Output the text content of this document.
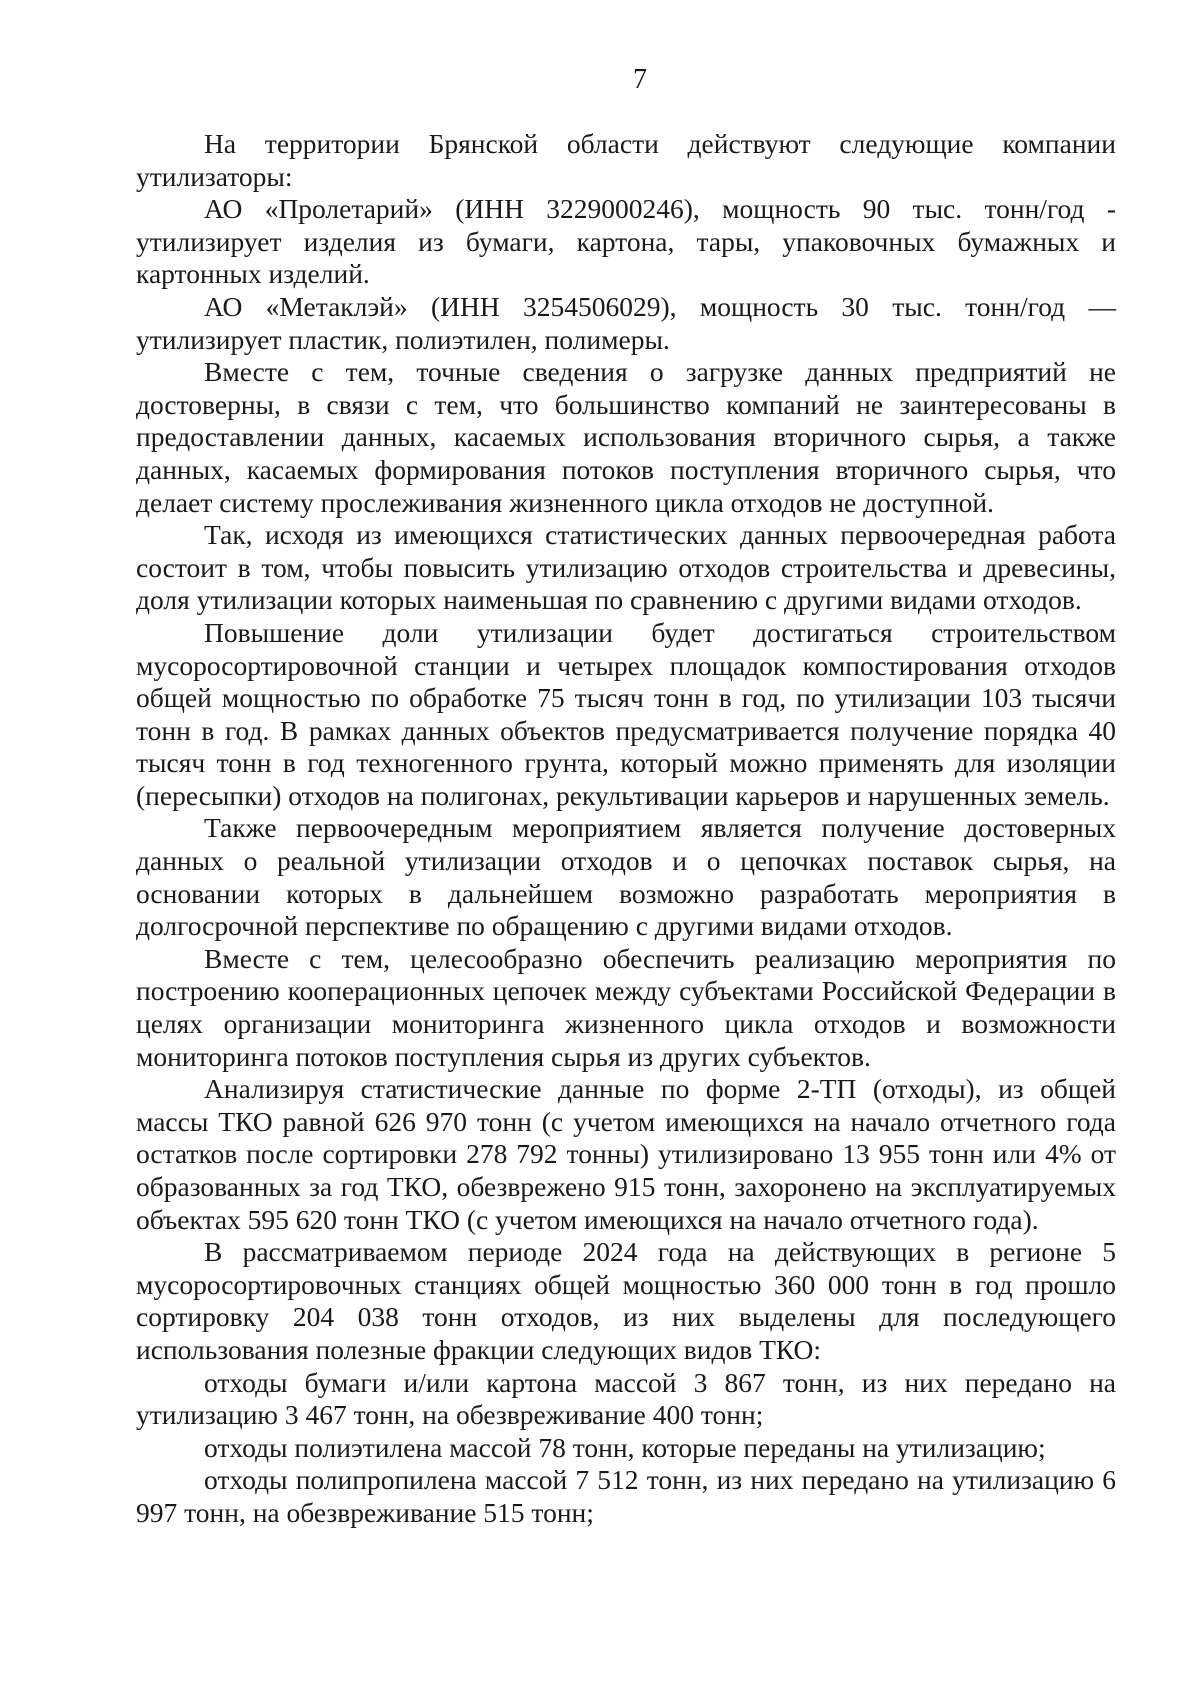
7

На территории Брянской области действуют следующие компании утилизаторы:

АО «Пролетарий» (ИНН 3229000246), мощность 90 тыс. тонн/год - утилизирует изделия из бумаги, картона, тары, упаковочных бумажных и картонных изделий.

АО «Метаклэй» (ИНН 3254506029), мощность 30 тыс. тонн/год — утилизирует пластик, полиэтилен, полимеры.

Вместе с тем, точные сведения о загрузке данных предприятий не достоверны, в связи с тем, что большинство компаний не заинтересованы в предоставлении данных, касаемых использования вторичного сырья, а также данных, касаемых формирования потоков поступления вторичного сырья, что делает систему прослеживания жизненного цикла отходов не доступной.

Так, исходя из имеющихся статистических данных первоочередная работа состоит в том, чтобы повысить утилизацию отходов строительства и древесины, доля утилизации которых наименьшая по сравнению с другими видами отходов.

Повышение доли утилизации будет достигаться строительством мусоросортировочной станции и четырех площадок компостирования отходов общей мощностью по обработке 75 тысяч тонн в год, по утилизации 103 тысячи тонн в год. В рамках данных объектов предусматривается получение порядка 40 тысяч тонн в год техногенного грунта, который можно применять для изоляции (пересыпки) отходов на полигонах, рекультивации карьеров и нарушенных земель.

Также первоочередным мероприятием является получение достоверных данных о реальной утилизации отходов и о цепочках поставок сырья, на основании которых в дальнейшем возможно разработать мероприятия в долгосрочной перспективе по обращению с другими видами отходов.

Вместе с тем, целесообразно обеспечить реализацию мероприятия по построению кооперационных цепочек между субъектами Российской Федерации в целях организации мониторинга жизненного цикла отходов и возможности мониторинга потоков поступления сырья из других субъектов.

Анализируя статистические данные по форме 2-ТП (отходы), из общей массы ТКО равной 626 970 тонн (с учетом имеющихся на начало отчетного года остатков после сортировки 278 792 тонны) утилизировано 13 955 тонн или 4% от образованных за год ТКО, обезврежено 915 тонн, захоронено на эксплуатируемых объектах 595 620 тонн ТКО (с учетом имеющихся на начало отчетного года).

В рассматриваемом периоде 2024 года на действующих в регионе 5 мусоросортировочных станциях общей мощностью 360 000 тонн в год прошло сортировку 204 038 тонн отходов, из них выделены для последующего использования полезные фракции следующих видов ТКО:

отходы бумаги и/или картона массой 3 867 тонн, из них передано на утилизацию 3 467 тонн, на обезвреживание 400 тонн;

отходы полиэтилена массой 78 тонн, которые переданы на утилизацию;

отходы полипропилена массой 7 512 тонн, из них передано на утилизацию 6 997 тонн, на обезвреживание 515 тонн;
